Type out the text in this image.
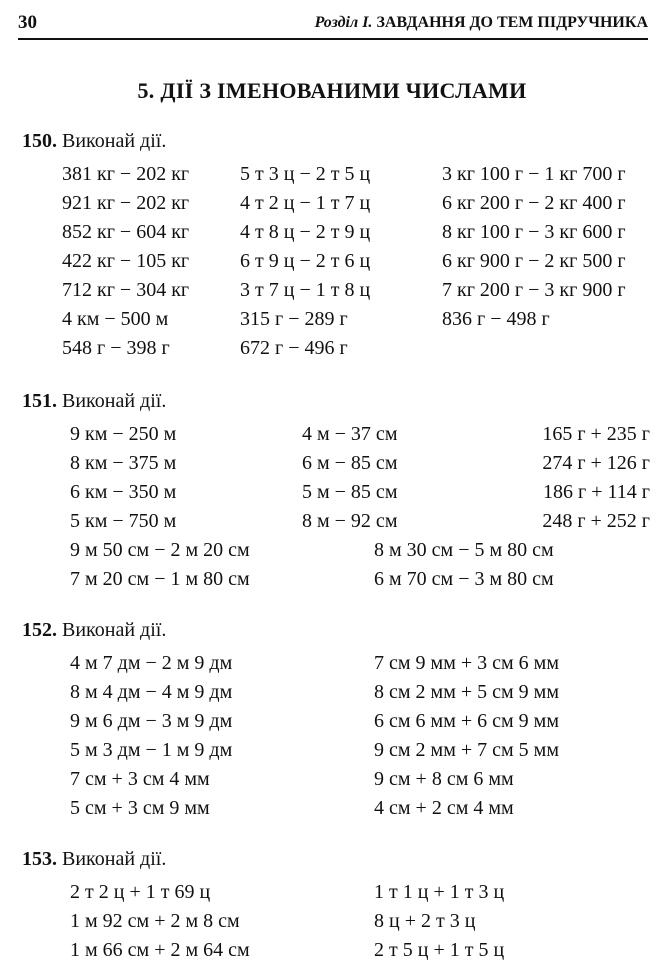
30	Розділ І. ЗАВДАННЯ ДО ТЕМ ПІДРУЧНИКА
5. ДІЇ З ІМЕНОВАНИМИ ЧИСЛАМИ
150. Виконай дії.
381 кг − 202 кг
921 кг − 202 кг
852 кг − 604 кг
422 кг − 105 кг
712 кг − 304 кг
4 км − 500 м
548 г − 398 г
5 т 3 ц − 2 т 5 ц
4 т 2 ц − 1 т 7 ц
4 т 8 ц − 2 т 9 ц
6 т 9 ц − 2 т 6 ц
3 т 7 ц − 1 т 8 ц
315 г − 289 г
672 г − 496 г
3 кг 100 г − 1 кг 700 г
6 кг 200 г − 2 кг 400 г
8 кг 100 г − 3 кг 600 г
6 кг 900 г − 2 кг 500 г
7 кг 200 г − 3 кг 900 г
836 г − 498 г
151. Виконай дії.
9 км − 250 м
8 км − 375 м
6 км − 350 м
5 км − 750 м
4 м − 37 см
6 м − 85 см
5 м − 85 см
8 м − 92 см
165 г + 235 г
274 г + 126 г
186 г + 114 г
248 г + 252 г
9 м 50 см − 2 м 20 см
7 м 20 см − 1 м 80 см
8 м 30 см − 5 м 80 см
6 м 70 см − 3 м 80 см
152. Виконай дії.
4 м 7 дм − 2 м 9 дм
8 м 4 дм − 4 м 9 дм
9 м 6 дм − 3 м 9 дм
5 м 3 дм − 1 м 9 дм
7 см + 3 см 4 мм
5 см + 3 см 9 мм
7 см 9 мм + 3 см 6 мм
8 см 2 мм + 5 см 9 мм
6 см 6 мм + 6 см 9 мм
9 см 2 мм + 7 см 5 мм
9 см + 8 см 6 мм
4 см + 2 см 4 мм
153. Виконай дії.
2 т 2 ц + 1 т 69 ц
1 м 92 см + 2 м 8 см
1 м 66 см + 2 м 64 см
1 т 1 ц + 1 т 3 ц
8 ц + 2 т 3 ц
2 т 5 ц + 1 т 5 ц
